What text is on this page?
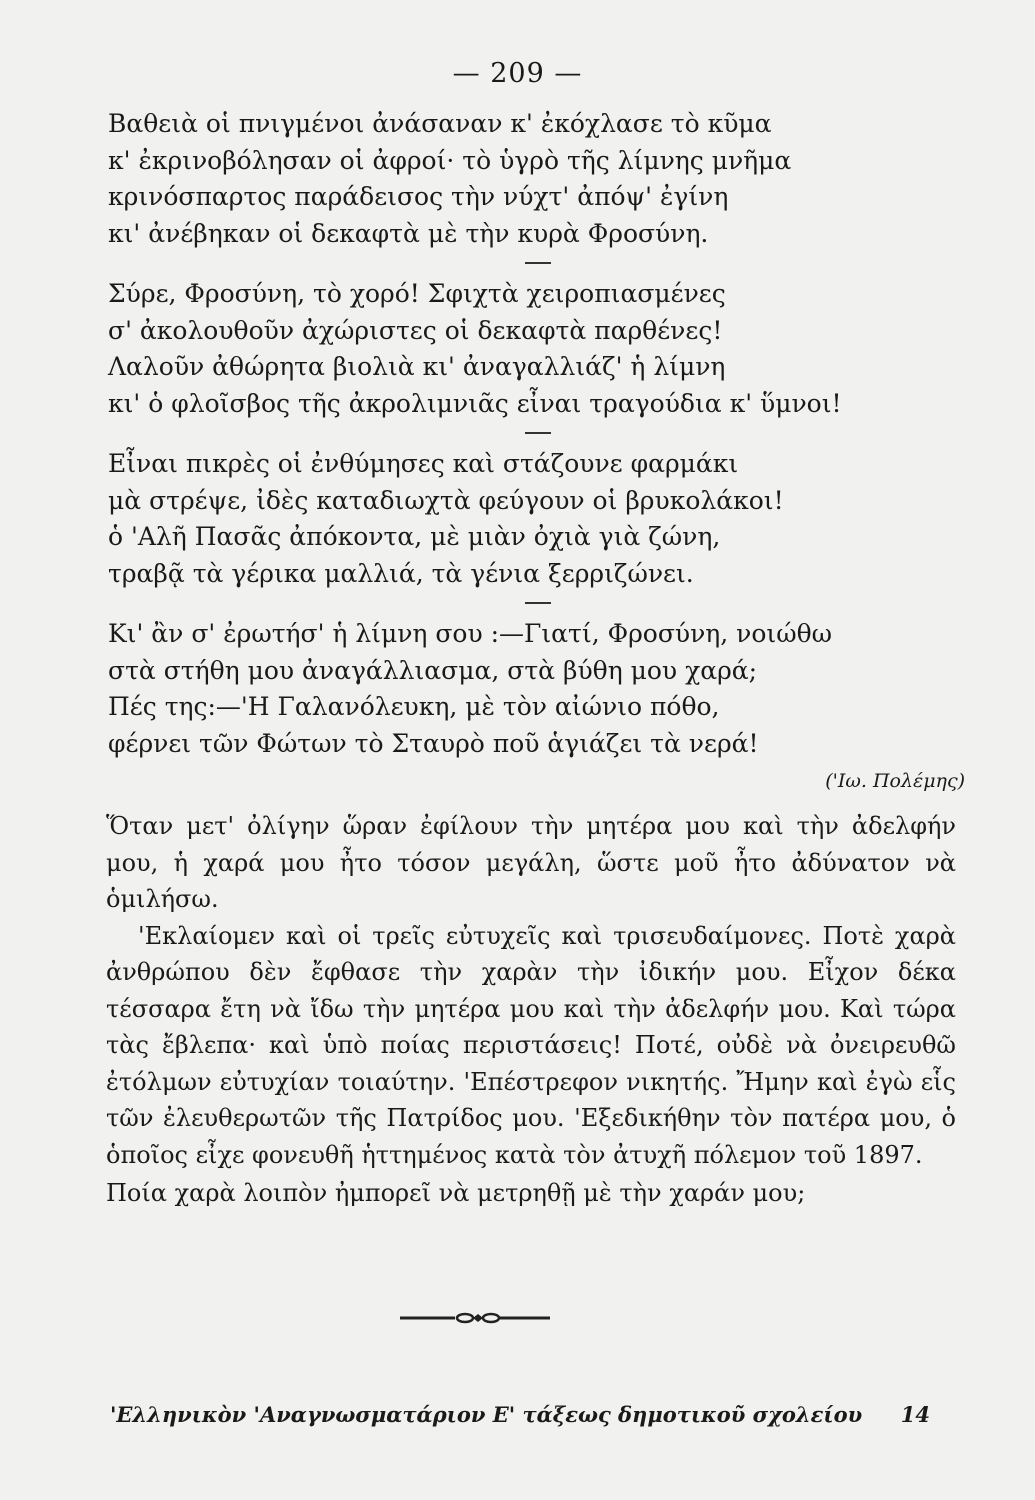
— 209 —
Βαθειὰ οἱ πνιγμένοι ἀνάσαναν κ' ἐκόχλασε τὸ κῦμα
κ' ἐκρινοβόλησαν οἱ ἀφροί· τὸ ὑγρὸ τῆς λίμνης μνῆμα
κρινόσπαρτος παράδεισος τὴν νύχτ' ἀπόψ' ἐγίνη
κι' ἀνέβηκαν οἱ δεκαφτὰ μὲ τὴν κυρὰ Φροσύνη.
Σύρε, Φροσύνη, τὸ χορό! Σφιχτὰ χειροπιασμένες
σ' ἀκολουθοῦν ἀχώριστες οἱ δεκαφτὰ παρθένες!
Λαλοῦν ἀθώρητα βιολιὰ κι' ἀναγαλλιάζ' ἡ λίμνη
κι' ὁ φλοῖσβος τῆς ἀκρολιμνιᾶς εἶναι τραγούδια κ' ὕμνοι!
Εἶναι πικρὲς οἱ ἐνθύμησες καὶ στάζουνε φαρμάκι
μὰ στρέψε, ἰδὲς καταδιωχτὰ φεύγουν οἱ βρυκολάκοι!
ὁ 'Αλῆ Πασᾶς ἀπόκοντα, μὲ μιὰν ὀχιὰ γιὰ ζώνη,
τραβᾷ τὰ γέρικα μαλλιά, τὰ γένια ξερριζώνει.
Κι' ἂν σ' ἐρωτήσ' ἡ λίμνη σου :—Γιατί, Φροσύνη, νοιώθω
στὰ στήθη μου ἀναγάλλιασμα, στὰ βύθη μου χαρά;
Πές της:—'Η Γαλανόλευκη, μὲ τὸν αἰώνιο πόθο,
φέρνει τῶν Φώτων τὸ Σταυρὸ ποῦ ἁγιάζει τὰ νερά!
('Ιω. Πολέμης)

Ὅταν μετ' ὀλίγην ὥραν ἐφίλουν τὴν μητέρα μου καὶ τὴν ἀδελφήν μου, ἡ χαρά μου ἦτο τόσον μεγάλη, ὥστε μοῦ ἦτο ἀδύνατον νὰ ὁμιλήσω.

'Εκλαίομεν καὶ οἱ τρεῖς εὐτυχεῖς καὶ τρισευδαίμονες. Ποτὲ χαρὰ ἀνθρώπου δὲν ἔφθασε τὴν χαρὰν τὴν ἰδικήν μου. Εἶχον δέκα τέσσαρα ἔτη νὰ ἴδω τὴν μητέρα μου καὶ τὴν ἀδελφήν μου. Καὶ τώρα τὰς ἔβλεπα· καὶ ὑπὸ ποίας περιστάσεις! Ποτέ, οὐδὲ νὰ ὀνειρευθῶ ἐτόλμων εὐτυχίαν τοιαύτην. 'Επέστρεφον νικητής. Ἤμην καὶ ἐγὼ εἷς τῶν ἐλευθερωτῶν τῆς Πατρίδος μου. 'Εξεδικήθην τὸν πατέρα μου, ὁ ὁποῖος εἶχε φονευθῆ ἡττημένος κατὰ τὸν ἀτυχῆ πόλεμον τοῦ 1897.

Ποία χαρὰ λοιπὸν ἠμπορεῖ νὰ μετρηθῇ μὲ τὴν χαράν μου;

'Ελληνικὸν 'Αναγνωσματάριον Ε' τάξεως δημοτικοῦ σχολείου 14
